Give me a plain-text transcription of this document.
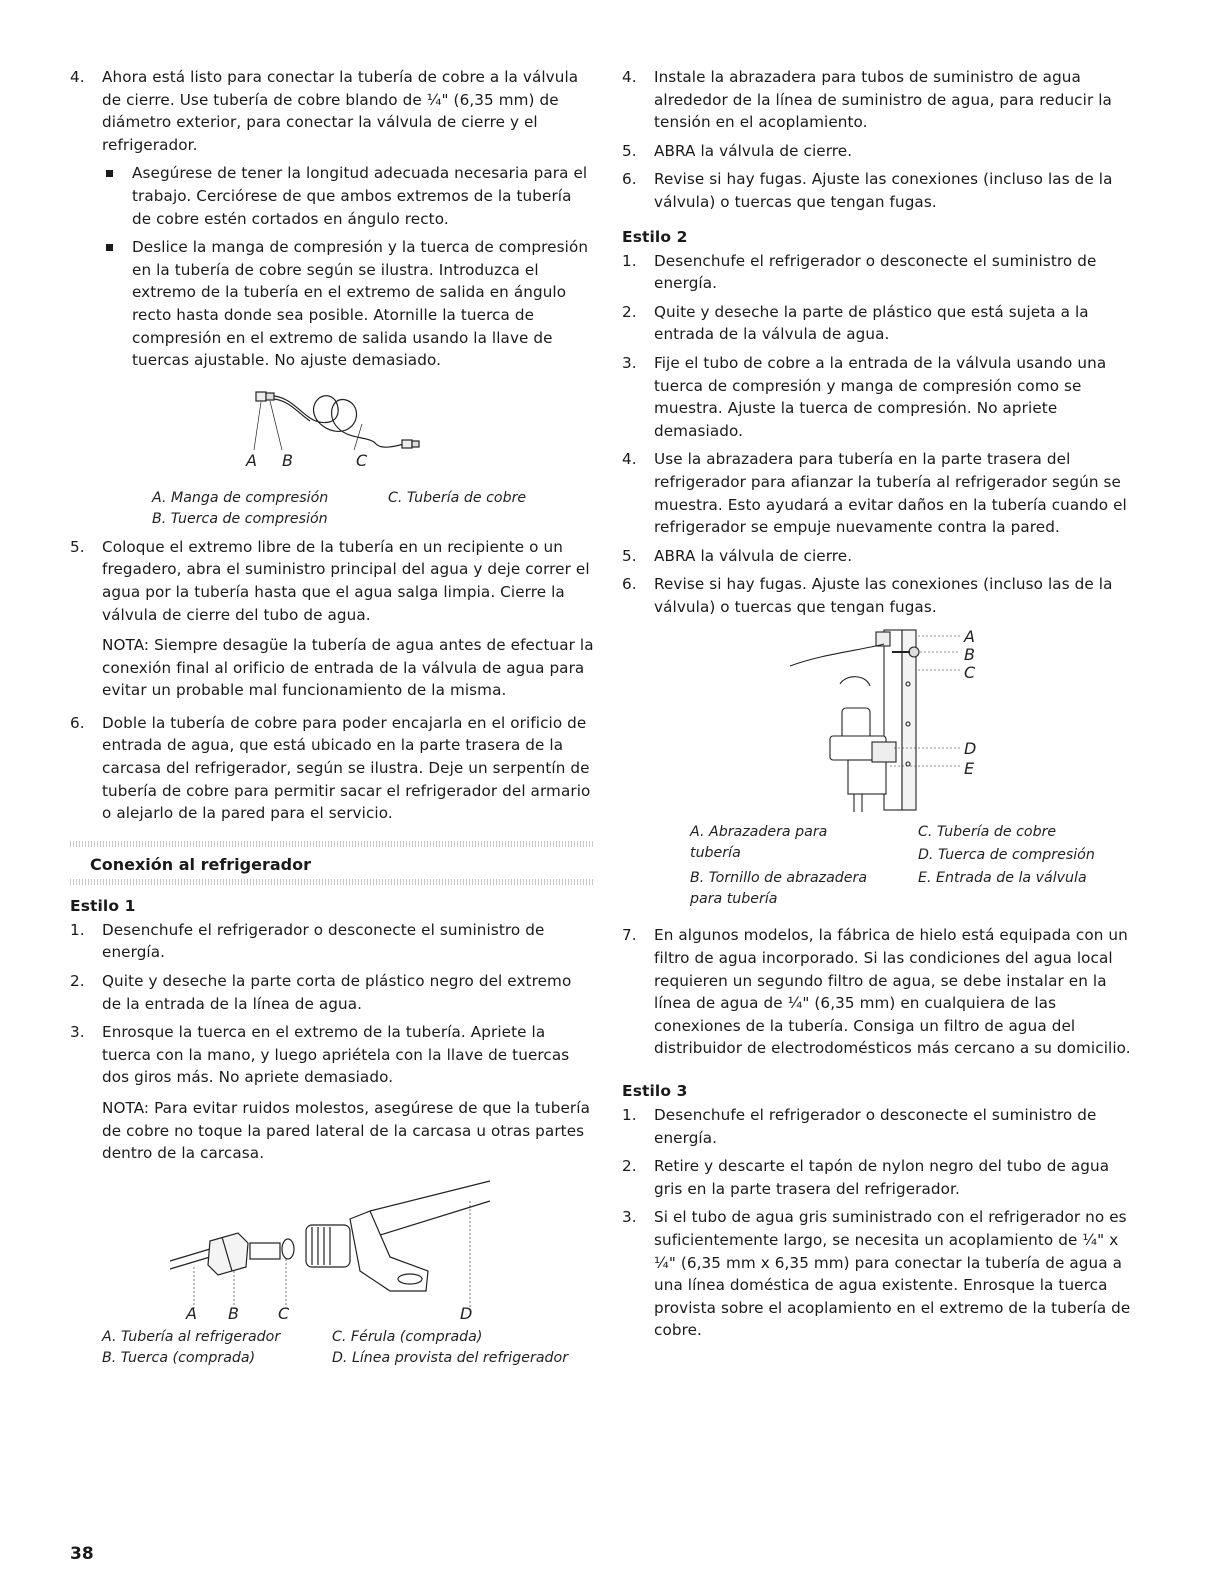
4.	Ahora está listo para conectar la tubería de cobre a la válvula de cierre. Use tubería de cobre blando de ¼" (6,35 mm) de diámetro exterior, para conectar la válvula de cierre y el refrigerador.
Asegúrese de tener la longitud adecuada necesaria para el trabajo. Cerciórese de que ambos extremos de la tubería de cobre estén cortados en ángulo recto.
Deslice la manga de compresión y la tuerca de compresión en la tubería de cobre según se ilustra. Introduzca el extremo de la tubería en el extremo de salida en ángulo recto hasta donde sea posible. Atornille la tuerca de compresión en el extremo de salida usando la llave de tuercas ajustable. No ajuste demasiado.
A B	C
A. Manga de compresión	C. Tubería de cobre
B. Tuerca de compresión
5.	Coloque el extremo libre de la tubería en un recipiente o un fregadero, abra el suministro principal del agua y deje correr el agua por la tubería hasta que el agua salga limpia. Cierre la válvula de cierre del tubo de agua.
NOTA: Siempre desagüe la tubería de agua antes de efectuar la conexión final al orificio de entrada de la válvula de agua para evitar un probable mal funcionamiento de la misma.
6.	Doble la tubería de cobre para poder encajarla en el orificio de entrada de agua, que está ubicado en la parte trasera de la carcasa del refrigerador, según se ilustra. Deje un serpentín de tubería de cobre para permitir sacar el refrigerador del armario o alejarlo de la pared para el servicio.
Conexión al refrigerador
Estilo 1
1.	Desenchufe el refrigerador o desconecte el suministro de energía.
2.	Quite y deseche la parte corta de plástico negro del extremo de la entrada de la línea de agua.
3.	Enrosque la tuerca en el extremo de la tubería. Apriete la tuerca con la mano, y luego apriétela con la llave de tuercas dos giros más. No apriete demasiado.
NOTA: Para evitar ruidos molestos, asegúrese de que la tubería de cobre no toque la pared lateral de la carcasa u otras partes dentro de la carcasa.
A B C	D
A. Tubería al refrigerador	C. Férula (comprada)
B. Tuerca (comprada)	D. Línea provista del refrigerador
4.	Instale la abrazadera para tubos de suministro de agua alrededor de la línea de suministro de agua, para reducir la tensión en el acoplamiento.
5.	ABRA la válvula de cierre.
6.	Revise si hay fugas. Ajuste las conexiones (incluso las de la válvula) o tuercas que tengan fugas.
Estilo 2
1.	Desenchufe el refrigerador o desconecte el suministro de energía.
2.	Quite y deseche la parte de plástico que está sujeta a la entrada de la válvula de agua.
3.	Fije el tubo de cobre a la entrada de la válvula usando una tuerca de compresión y manga de compresión como se muestra. Ajuste la tuerca de compresión. No apriete demasiado.
4.	Use la abrazadera para tubería en la parte trasera del refrigerador para afianzar la tubería al refrigerador según se muestra. Esto ayudará a evitar daños en la tubería cuando el refrigerador se empuje nuevamente contra la pared.
5.	ABRA la válvula de cierre.
6.	Revise si hay fugas. Ajuste las conexiones (incluso las de la válvula) o tuercas que tengan fugas.
A
B
C
D
E
A. Abrazadera para tubería
C. Tubería de cobre
D. Tuerca de compresión
B. Tornillo de abrazadera para tubería
E. Entrada de la válvula
7.	En algunos modelos, la fábrica de hielo está equipada con un filtro de agua incorporado. Si las condiciones del agua local requieren un segundo filtro de agua, se debe instalar en la línea de agua de ¼" (6,35 mm) en cualquiera de las conexiones de la tubería. Consiga un filtro de agua del distribuidor de electrodomésticos más cercano a su domicilio.
Estilo 3
1.	Desenchufe el refrigerador o desconecte el suministro de energía.
2.	Retire y descarte el tapón de nylon negro del tubo de agua gris en la parte trasera del refrigerador.
3.	Si el tubo de agua gris suministrado con el refrigerador no es suficientemente largo, se necesita un acoplamiento de ¼" x ¼" (6,35 mm x 6,35 mm) para conectar la tubería de agua a una línea doméstica de agua existente. Enrosque la tuerca provista sobre el acoplamiento en el extremo de la tubería de cobre.
38
